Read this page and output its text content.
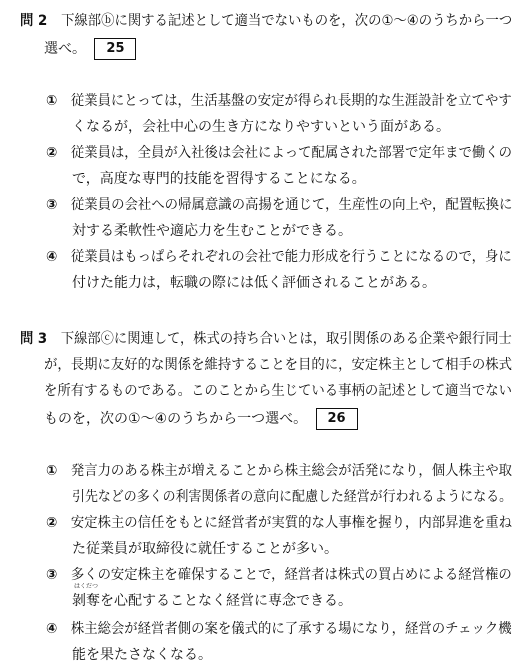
問 2 下線部ⓑに関する記述として適当でないものを，次の①～④のうちから一つ
選べ。 25
① 従業員にとっては，生活基盤の安定が得られ長期的な生涯設計を立てやす
くなるが，会社中心の生き方になりやすいという面がある。
② 従業員は，全員が入社後は会社によって配属された部署で定年まで働くの
で，高度な専門的技能を習得することになる。
③ 従業員の会社への帰属意識の高揚を通じて，生産性の向上や，配置転換に
対する柔軟性や適応力を生むことができる。
④ 従業員はもっぱらそれぞれの会社で能力形成を行うことになるので，身に
付けた能力は，転職の際には低く評価されることがある。
問 3 下線部ⓒに関連して，株式の持ち合いとは，取引関係のある企業や銀行同士
が，長期に友好的な関係を維持することを目的に，安定株主として相手の株式
を所有するものである。このことから生じている事柄の記述として適当でない
ものを，次の①～④のうちから一つ選べ。 26
① 発言力のある株主が増えることから株主総会が活発になり，個人株主や取
引先などの多くの利害関係者の意向に配慮した経営が行われるようになる。
② 安定株主の信任をもとに経営者が実質的な人事権を握り，内部昇進を重ね
た従業員が取締役に就任することが多い。
③ 多くの安定株主を確保することで，経営者は株式の買占めによる経営権の
はくだつ
剝奪を心配することなく経営に専念できる。
④ 株主総会が経営者側の案を儀式的に了承する場になり，経営のチェック機
能を果たさなくなる。
